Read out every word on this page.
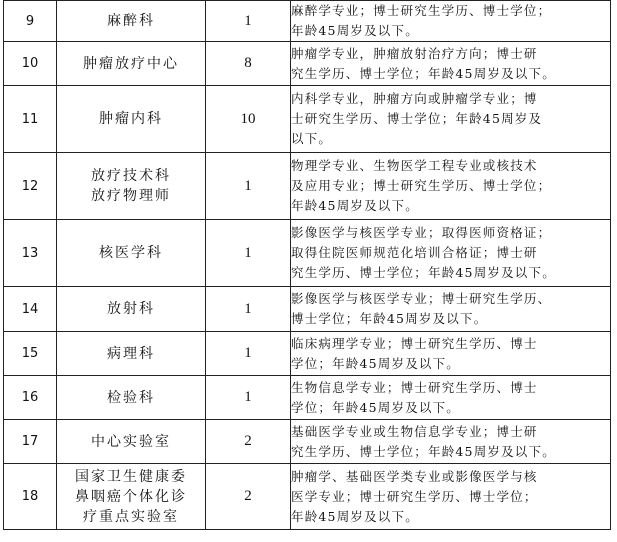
9	麻醉科	1	麻醉学专业；博士研究生学历、博士学位；
年龄45周岁及以下。

10	肿瘤放疗中心	8	肿瘤学专业，肿瘤放射治疗方向；博士研
究生学历、博士学位；年龄45周岁及以下。

11	肿瘤内科	10	内科学专业，肿瘤方向或肿瘤学专业；博
士研究生学历、博士学位；年龄45周岁及
以下。

12	放疗技术科
放疗物理师	1	物理学专业、生物医学工程专业或核技术
及应用专业；博士研究生学历、博士学位；
年龄45周岁及以下。

13	核医学科	1	影像医学与核医学专业；取得医师资格证；
取得住院医师规范化培训合格证；博士研
究生学历、博士学位；年龄45周岁及以下。

14	放射科	1	影像医学与核医学专业；博士研究生学历、
博士学位；年龄45周岁及以下。

15	病理科	1	临床病理学专业；博士研究生学历、博士
学位；年龄45周岁及以下。

16	检验科	1	生物信息学专业；博士研究生学历、博士
学位；年龄45周岁及以下。

17	中心实验室	2	基础医学专业或生物信息学专业；博士研
究生学历、博士学位；年龄45周岁及以下。

18	国家卫生健康委
鼻咽癌个体化诊
疗重点实验室	2	肿瘤学、基础医学类专业或影像医学与核
医学专业；博士研究生学历、博士学位；
年龄45周岁及以下。
